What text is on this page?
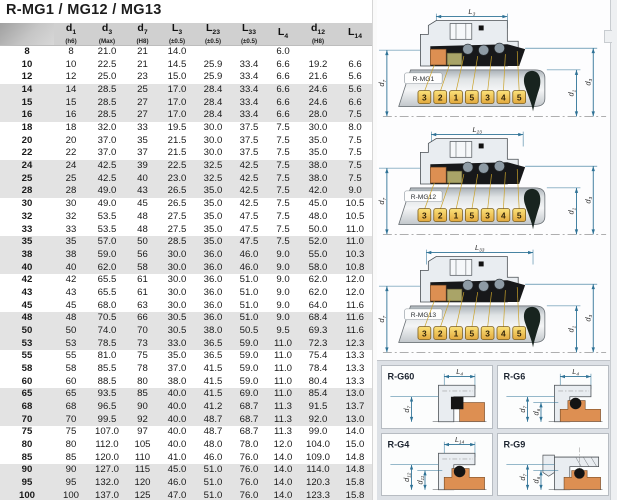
R-MG1 / MG12 / MG13

$d_1$
(h6)

$d_3$
(Max)

$d_7$
(H8)

$L_3$
(±0.5)

$L_{23}$
(±0.5)

$L_{33}$
(±0.5)

$L_4$

$d_{12}$
(H8)

$L_{14}$

8	8	21.0	21	14.0			6.0		
10	10	22.5	21	14.5	25.9	33.4	6.6	19.2	6.6
12	12	25.0	23	15.0	25.9	33.4	6.6	21.6	5.6
14	14	28.5	25	17.0	28.4	33.4	6.6	24.6	5.6
15	15	28.5	27	17.0	28.4	33.4	6.6	24.6	6.6
16	16	28.5	27	17.0	28.4	33.4	6.6	28.0	7.5
18	18	32.0	33	19.5	30.0	37.5	7.5	30.0	8.0
20	20	37.0	35	21.5	30.0	37.5	7.5	35.0	7.5
22	22	37.0	37	21.5	30.0	37.5	7.5	35.0	7.5
24	24	42.5	39	22.5	32.5	42.5	7.5	38.0	7.5
25	25	42.5	40	23.0	32.5	42.5	7.5	38.0	7.5
28	28	49.0	43	26.5	35.0	42.5	7.5	42.0	9.0
30	30	49.0	45	26.5	35.0	42.5	7.5	45.0	10.5
32	32	53.5	48	27.5	35.0	47.5	7.5	48.0	10.5
33	33	53.5	48	27.5	35.0	47.5	7.5	50.0	11.0
35	35	57.0	50	28.5	35.0	47.5	7.5	52.0	11.0
38	38	59.0	56	30.0	36.0	46.0	9.0	55.0	10.3
40	40	62.0	58	30.0	36.0	46.0	9.0	58.0	10.8
42	42	65.5	61	30.0	36.0	51.0	9.0	62.0	12.0
43	43	65.5	61	30.0	36.0	51.0	9.0	62.0	12.0
45	45	68.0	63	30.0	36.0	51.0	9.0	64.0	11.6
48	48	70.5	66	30.5	36.0	51.0	9.0	68.4	11.6
50	50	74.0	70	30.5	38.0	50.5	9.5	69.3	11.6
53	53	78.5	73	33.0	36.5	59.0	11.0	72.3	12.3
55	55	81.0	75	35.0	36.5	59.0	11.0	75.4	13.3
58	58	85.5	78	37.0	41.5	59.0	11.0	78.4	13.3
60	60	88.5	80	38.0	41.5	59.0	11.0	80.4	13.3
65	65	93.5	85	40.0	41.5	69.0	11.0	85.4	13.0
68	68	96.5	90	40.0	41.2	68.7	11.3	91.5	13.7
70	70	99.5	92	40.0	48.7	68.7	11.3	92.0	13.0
75	75	107.0	97	40.0	48.7	68.7	11.3	99.0	14.0
80	80	112.0	105	40.0	48.0	78.0	12.0	104.0	15.0
85	85	120.0	110	41.0	46.0	76.0	14.0	109.0	14.8
90	90	127.0	115	45.0	51.0	76.0	14.0	114.0	14.8
95	95	132.0	120	46.0	51.0	76.0	14.0	120.3	15.8
100	100	137.0	125	47.0	51.0	76.0	14.0	123.3	15.8
$L_3$
R-MG1
3 2 1 5 3 4 5
$d_7$
$d_1$
$d_3$
$L_{23}$
R-MG12
3 2 1 5 3 4 5
$d_7$
$d_1$
$d_3$
$L_{33}$
R-MG13
3 2 1 5 3 4 5
$d_7$
$d_1$
$d_3$
R-G60	$L_4$
$d_7$
R-G6	$L_4$
$d_7$
$d_6$
R-G4	$L_{14}$
$d_{12}$
$d_{11}$
R-G9
$d_7$
$d_6$
